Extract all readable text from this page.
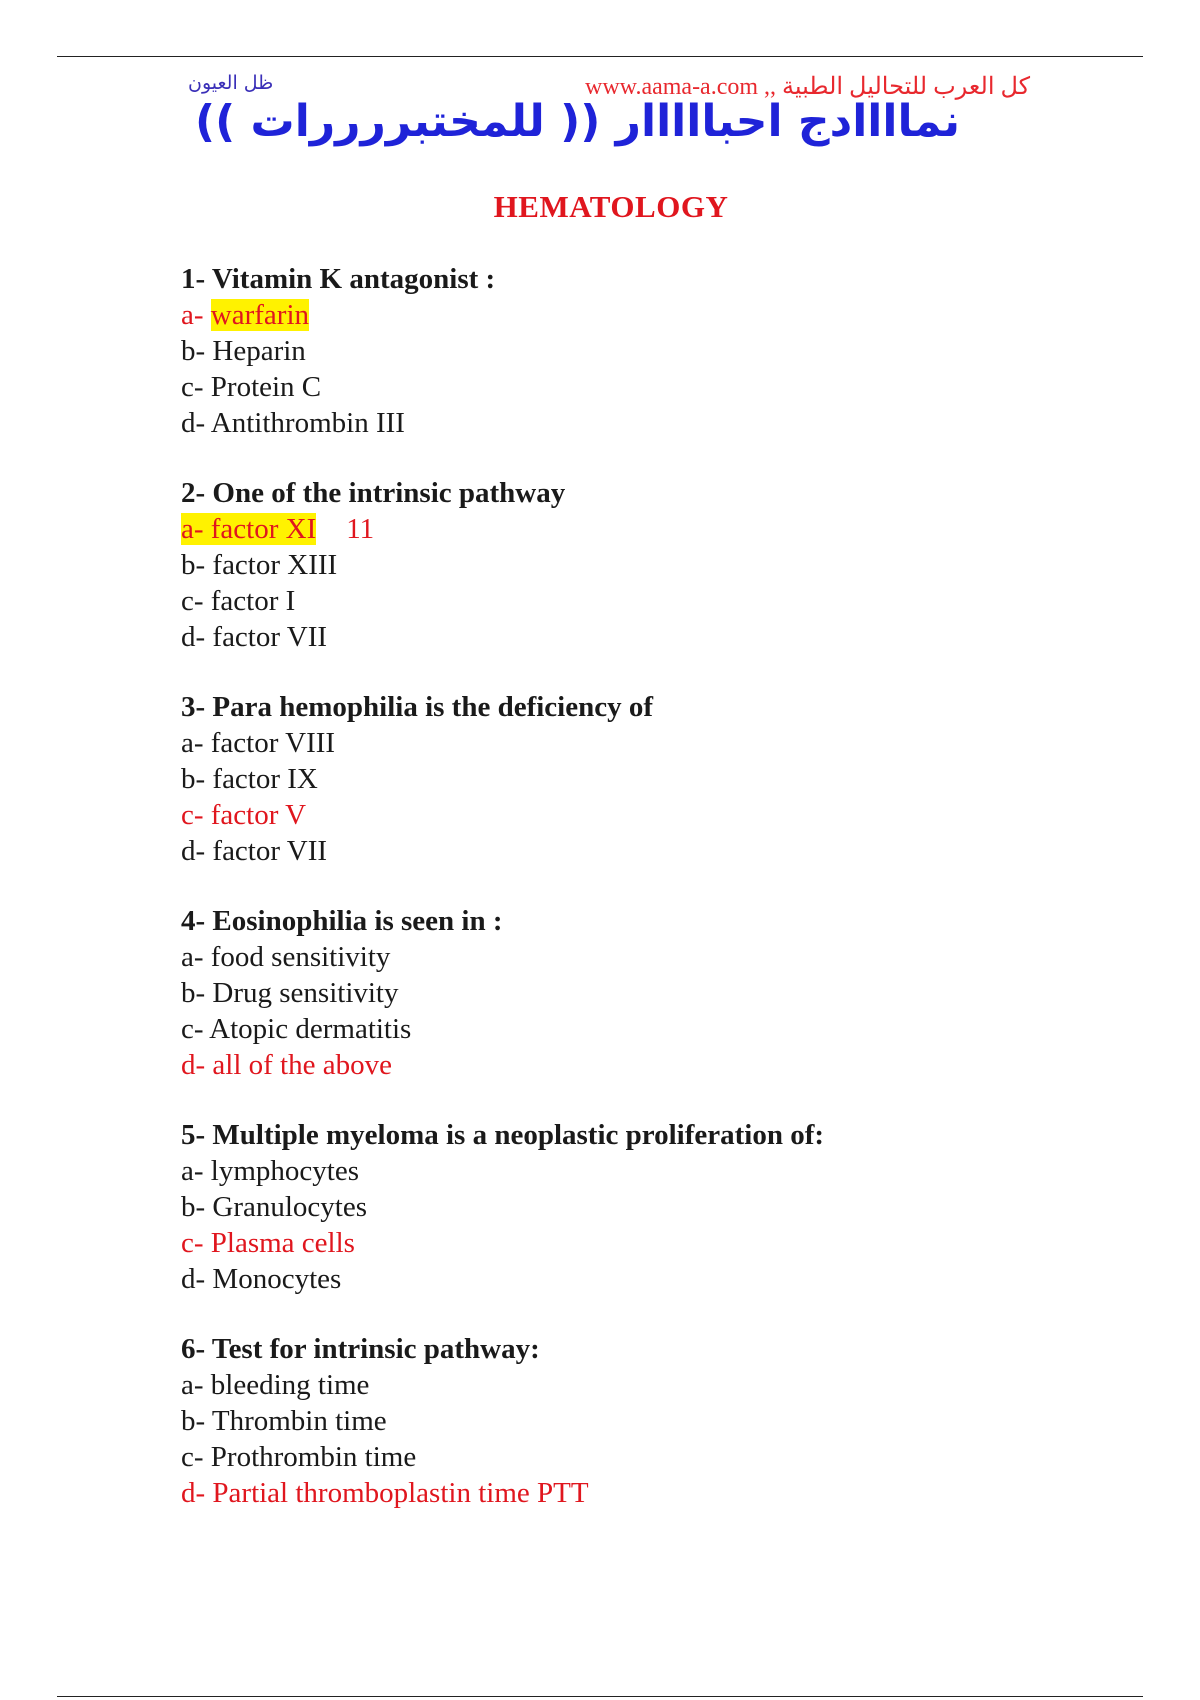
ظل العيون	كل العرب للتحاليل الطبية ,, www.aama-a.com
نماااادج احبااااار (( للمختبررررات ))
HEMATOLOGY
1- Vitamin K antagonist :
a- warfarin
b- Heparin
c- Protein C
d- Antithrombin III
2- One of the intrinsic pathway
a- factor XI 11
b- factor XIII
c- factor I
d- factor VII
3- Para hemophilia is the deficiency of
a- factor VIII
b- factor IX
c- factor V
d- factor VII
4- Eosinophilia is seen in :
a- food sensitivity
b- Drug sensitivity
c- Atopic dermatitis
d- all of the above
5- Multiple myeloma is a neoplastic proliferation of:
a- lymphocytes
b- Granulocytes
c- Plasma cells
d- Monocytes
6- Test for intrinsic pathway:
a- bleeding time
b- Thrombin time
c- Prothrombin time
d- Partial thromboplastin time PTT
